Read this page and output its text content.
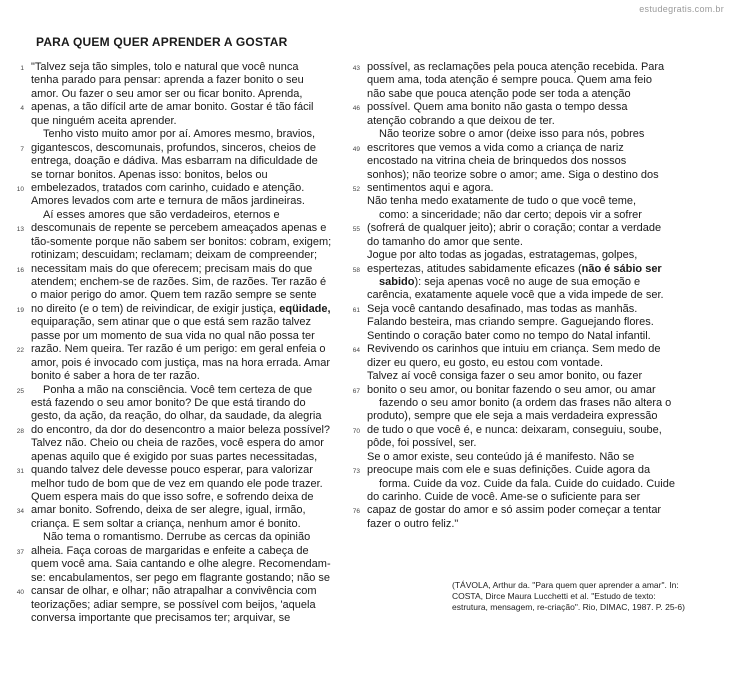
estudegratis.com.br
PARA QUEM QUER APRENDER A GOSTAR
1 "Talvez seja tão simples, tolo e natural que você nunca
tenha parado para pensar: aprenda a fazer bonito o seu
amor. Ou fazer o seu amor ser ou ficar bonito. Aprenda,
4 apenas, a tão difícil arte de amar bonito. Gostar é tão fácil
que ninguém aceita aprender.
Tenho visto muito amor por aí. Amores mesmo, bravios,
7 gigantescos, descomunais, profundos, sinceros, cheios de
entrega, doação e dádiva. Mas esbarram na dificuldade de
se tornar bonitos. Apenas isso: bonitos, belos ou
10 embelezados, tratados com carinho, cuidado e atenção.
Amores levados com arte e ternura de mãos jardineiras.
Aí esses amores que são verdadeiros, eternos e
13 descomunais de repente se percebem ameaçados apenas e
tão-somente porque não sabem ser bonitos: cobram, exigem;
rotinizam; descuidam; reclamam; deixam de compreender;
16 necessitam mais do que oferecem; precisam mais do que
atendem; enchem-se de razões. Sim, de razões. Ter razão é
o maior perigo do amor. Quem tem razão sempre se sente
19 no direito (e o tem) de reivindicar, de exigir justiça, eqüidade,
equiparação, sem atinar que o que está sem razão talvez
passe por um momento de sua vida no qual não possa ter
22 razão. Nem queira. Ter razão é um perigo: em geral enfeia o
amor, pois é invocado com justiça, mas na hora errada. Amar
bonito é saber a hora de ter razão.
25 Ponha a mão na consciência. Você tem certeza de que
está fazendo o seu amor bonito? De que está tirando do
gesto, da ação, da reação, do olhar, da saudade, da alegria
28 do encontro, da dor do desencontro a maior beleza possível?
Talvez não. Cheio ou cheia de razões, você espera do amor
apenas aquilo que é exigido por suas partes necessitadas,
31 quando talvez dele devesse pouco esperar, para valorizar
melhor tudo de bom que de vez em quando ele pode trazer.
Quem espera mais do que isso sofre, e sofrendo deixa de
34 amar bonito. Sofrendo, deixa de ser alegre, igual, irmão,
criança. E sem soltar a criança, nenhum amor é bonito.
Não tema o romantismo. Derrube as cercas da opinião
37 alheia. Faça coroas de margaridas e enfeite a cabeça de
quem você ama. Saia cantando e olhe alegre. Recomendam-
se: encabulamentos, ser pego em flagrante gostando; não se
40 cansar de olhar, e olhar; não atrapalhar a convivência com
teorizações; adiar sempre, se possível com beijos, 'aquela
conversa importante que precisamos ter; arquivar, se
43 possível, as reclamações pela pouca atenção recebida. Para
quem ama, toda atenção é sempre pouca. Quem ama feio
não sabe que pouca atenção pode ser toda a atenção
46 possível. Quem ama bonito não gasta o tempo dessa
atenção cobrando a que deixou de ter.
Não teorize sobre o amor (deixe isso para nós, pobres
49 escritores que vemos a vida como a criança de nariz
encostado na vitrina cheia de brinquedos dos nossos
sonhos); não teorize sobre o amor; ame. Siga o destino dos
52 sentimentos aqui e agora.
Não tenha medo exatamente de tudo o que você teme,
como: a sinceridade; não dar certo; depois vir a sofrer
55 (sofrerá de qualquer jeito); abrir o coração; contar a verdade
do tamanho do amor que sente.
Jogue por alto todas as jogadas, estratagemas, golpes,
58 espertezas, atitudes sabidamente eficazes (não é sábio ser
sabido): seja apenas você no auge de sua emoção e
carência, exatamente aquele você que a vida impede de ser.
61 Seja você cantando desafinado, mas todas as manhãs.
Falando besteira, mas criando sempre. Gaguejando flores.
Sentindo o coração bater como no tempo do Natal infantil.
64 Revivendo os carinhos que intuiu em criança. Sem medo de
dizer eu quero, eu gosto, eu estou com vontade.
Talvez aí você consiga fazer o seu amor bonito, ou fazer
67 bonito o seu amor, ou bonitar fazendo o seu amor, ou amar
fazendo o seu amor bonito (a ordem das frases não altera o
produto), sempre que ele seja a mais verdadeira expressão
70 de tudo o que você é, e nunca: deixaram, conseguiu, soube,
pôde, foi possível, ser.
Se o amor existe, seu conteúdo já é manifesto. Não se
73 preocupe mais com ele e suas definições. Cuide agora da
forma. Cuide da voz. Cuide da fala. Cuide do cuidado. Cuide
do carinho. Cuide de você. Ame-se o suficiente para ser
76 capaz de gostar do amor e só assim poder começar a tentar
fazer o outro feliz."
(TÁVOLA, Arthur da. "Para quem quer aprender a amar". In:
COSTA, Dirce Maura Lucchetti et al. "Estudo de texto:
estrutura, mensagem, re-criação". Rio, DIMAC, 1987. P. 25-6)
